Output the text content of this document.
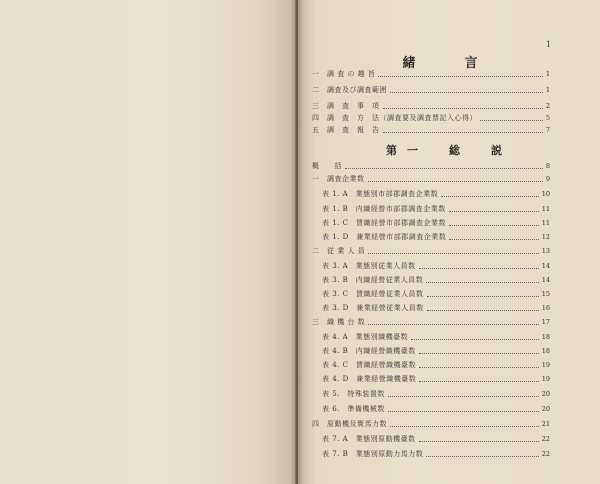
1
緒　言
一　調 査 の 趣 旨	1
二　調査及び調査範囲	1
三　調　査　事　項	2
四　調　査　方　法（調査要及調査票記入心得）	5
五　調　査　報　告	7
第一　総　説
概　　括	8
一　調査企業数	9
表 1. A　業態別市部郡調査企業数	10
表 1. B　内織経營市部郡調査企業数	11
表 1. C　賃織経營市部郡調査企業数	11
表 1. D　兼業経營市部郡調査企業数	12
二　従 業 人 員	13
表 3. A　業態別従業人員数	14
表 3. B　内織経營従業人員数	14
表 3. C　賃織経營従業人員数	15
表 3. D　兼業経營従業人員数	16
三　織 機 台 数	17
表 4. A　業態別織機臺数	18
表 4. B　内織経營織機臺数	18
表 4. C　賃織経營織機臺数	19
表 4. D　兼業経營織機臺数	19
表 5.　特殊装置数	20
表 6.　準備機械数	20
四　原動機及實馬力数	21
表 7. A　業態別原動機臺数	22
表 7. B　業態別原動力馬力数	22
